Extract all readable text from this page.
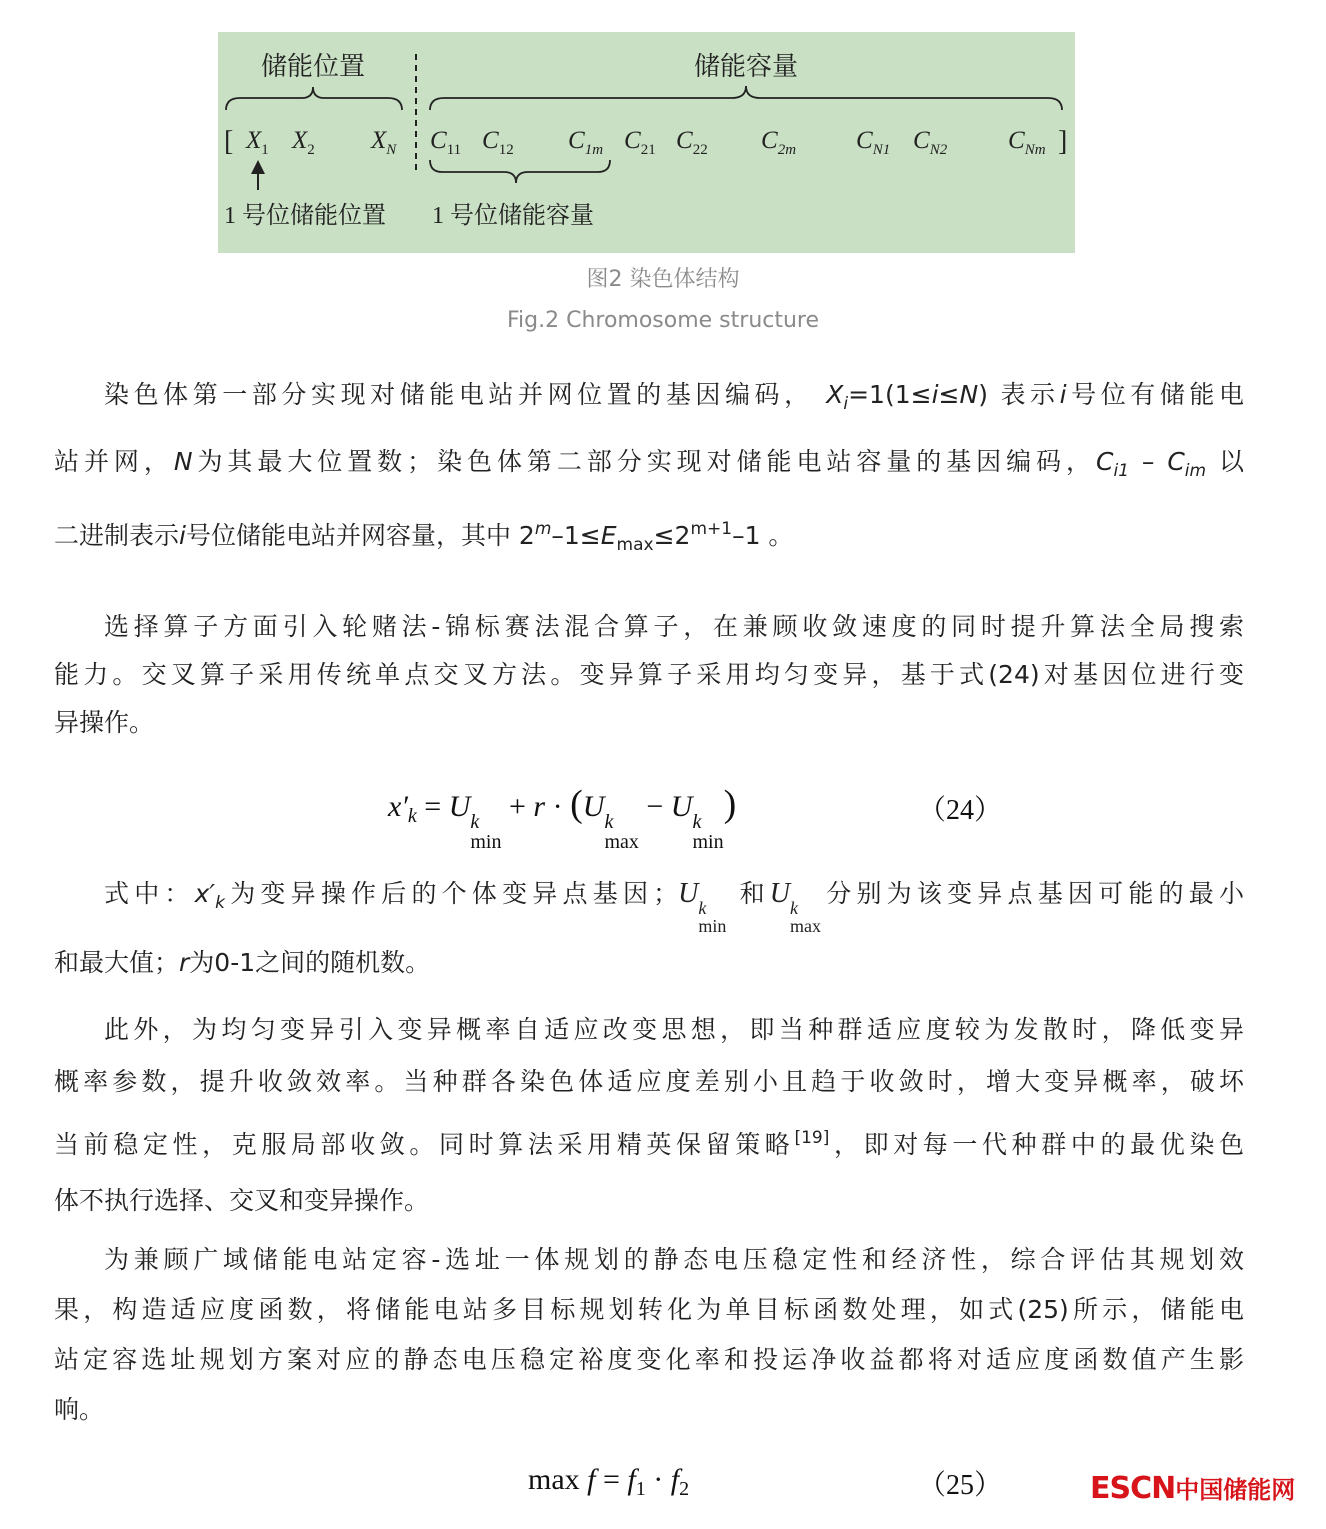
储能位置	储能容量
[	]
$X_1$ $X_2$ $X_N$ $C_{11}$ $C_{12}$ $C_{1m}$ $C_{21}$ $C_{22}$ $C_{2m}$ $C_{N1}$ $C_{N2}$ $C_{Nm}$
1 号位储能位置 1 号位储能容量
图2 染色体结构
Fig.2 Chromosome structure
染色体第一部分实现对储能电站并网位置的基因编码， $X_i=1(1\le i\le N)$ 表示i号位有储能电
站并网，N为其最大位置数；染色体第二部分实现对储能电站容量的基因编码，$C_{i1} - C_{im}$ 以
二进制表示i号位储能电站并网容量，其中 $2^m-1\le E_{max}\le 2^{m+1}-1$ 。
选择算子方面引入轮赌法-锦标赛法混合算子，在兼顾收敛速度的同时提升算法全局搜索
能力。交叉算子采用传统单点交叉方法。变异算子采用均匀变异，基于式(24)对基因位进行变
异操作。
$x'_k = U$ k
min
+ r · (U k
max
− U k
min
)	（24）
式中：$x'_k$为变异操作后的个体变异点基因；U k
min
和U k
max
分别为该变异点基因可能的最小
和最大值；r为0-1之间的随机数。
此外，为均匀变异引入变异概率自适应改变思想，即当种群适应度较为发散时，降低变异
概率参数，提升收敛效率。当种群各染色体适应度差别小且趋于收敛时，增大变异概率，破坏
当前稳定性，克服局部收敛。同时算法采用精英保留策略[19]，即对每一代种群中的最优染色
体不执行选择、交叉和变异操作。
为兼顾广域储能电站定容-选址一体规划的静态电压稳定性和经济性，综合评估其规划效
果，构造适应度函数，将储能电站多目标规划转化为单目标函数处理，如式(25)所示，储能电
站定容选址规划方案对应的静态电压稳定裕度变化率和投运净收益都将对适应度函数值产生影
响。
$\max f = f_1 \cdot f_2$	（25）	ESCN中国储能网
